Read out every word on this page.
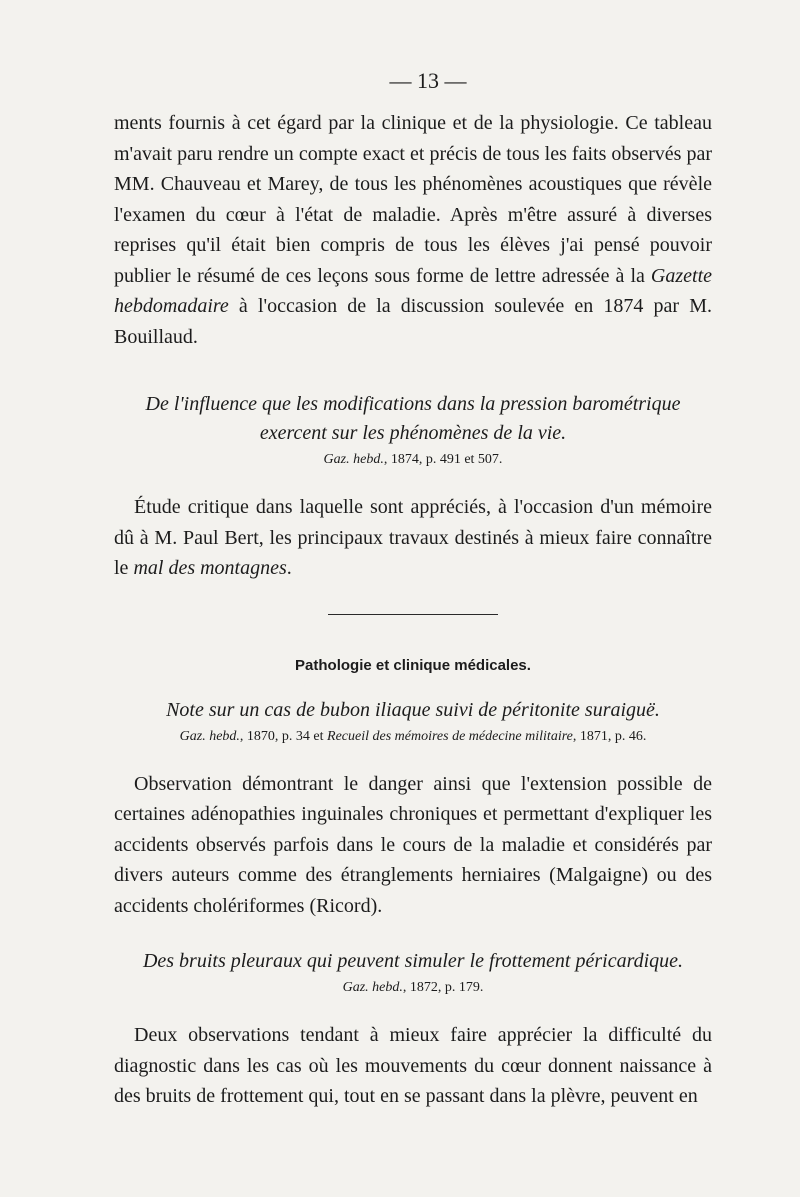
— 13 —

ments fournis à cet égard par la clinique et de la physiologie. Ce tableau m'avait paru rendre un compte exact et précis de tous les faits observés par MM. Chauveau et Marey, de tous les phénomènes acoustiques que révèle l'examen du cœur à l'état de maladie. Après m'être assuré à diverses reprises qu'il était bien compris de tous les élèves j'ai pensé pouvoir publier le résumé de ces leçons sous forme de lettre adressée à la Gazette hebdomadaire à l'occasion de la discussion soulevée en 1874 par M. Bouillaud.

De l'influence que les modifications dans la pression barométrique
exercent sur les phénomènes de la vie.

Gaz. hebd., 1874, p. 491 et 507.

Étude critique dans laquelle sont appréciés, à l'occasion d'un mémoire dû à M. Paul Bert, les principaux travaux destinés à mieux faire connaître le mal des montagnes.

Pathologie et clinique médicales.

Note sur un cas de bubon iliaque suivi de péritonite suraiguë.

Gaz. hebd., 1870, p. 34 et Recueil des mémoires de médecine militaire, 1871, p. 46.

Observation démontrant le danger ainsi que l'extension possible de certaines adénopathies inguinales chroniques et permettant d'expliquer les accidents observés parfois dans le cours de la maladie et considérés par divers auteurs comme des étranglements herniaires (Malgaigne) ou des accidents cholériformes (Ricord).

Des bruits pleuraux qui peuvent simuler le frottement péricardique.

Gaz. hebd., 1872, p. 179.

Deux observations tendant à mieux faire apprécier la difficulté du diagnostic dans les cas où les mouvements du cœur donnent naissance à des bruits de frottement qui, tout en se passant dans la plèvre, peuvent en
